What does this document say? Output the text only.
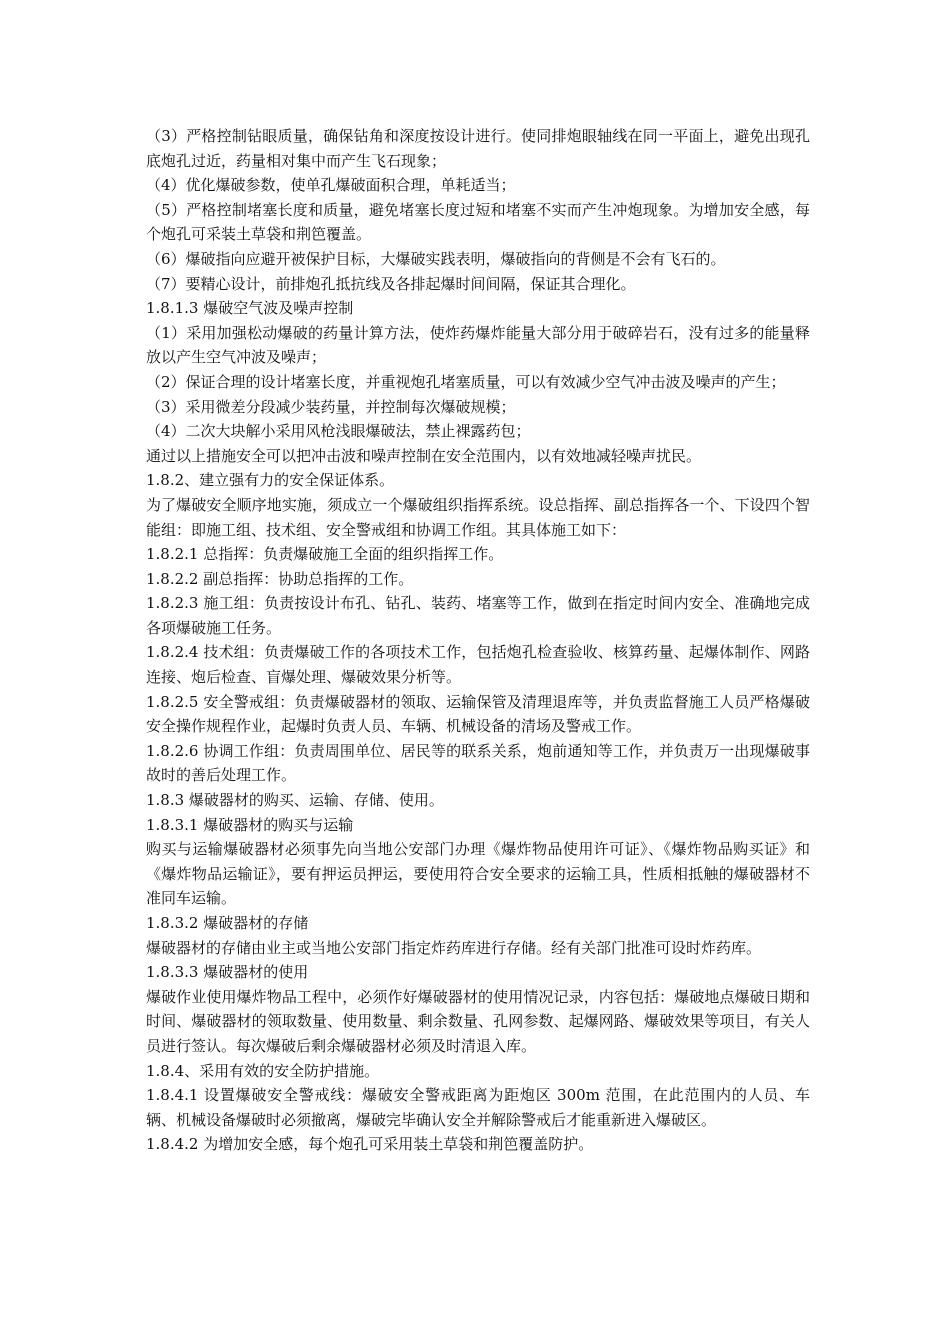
（3）严格控制钻眼质量，确保钻角和深度按设计进行。使同排炮眼轴线在同一平面上，避免出现孔底炮孔过近，药量相对集中而产生飞石现象；

（4）优化爆破参数，使单孔爆破面积合理，单耗适当；

（5）严格控制堵塞长度和质量，避免堵塞长度过短和堵塞不实而产生冲炮现象。为增加安全感，每个炮孔可采装土草袋和荆笆覆盖。

（6）爆破指向应避开被保护目标，大爆破实践表明，爆破指向的背侧是不会有飞石的。

（7）要精心设计，前排炮孔抵抗线及各排起爆时间间隔，保证其合理化。

1.8.1.3 爆破空气波及噪声控制

（1）采用加强松动爆破的药量计算方法，使炸药爆炸能量大部分用于破碎岩石，没有过多的能量释放以产生空气冲波及噪声；

（2）保证合理的设计堵塞长度，并重视炮孔堵塞质量，可以有效减少空气冲击波及噪声的产生；

（3）采用微差分段减少装药量，并控制每次爆破规模；

（4）二次大块解小采用风枪浅眼爆破法，禁止裸露药包；

通过以上措施安全可以把冲击波和噪声控制在安全范围内，以有效地减轻噪声扰民。

1.8.2、建立强有力的安全保证体系。

为了爆破安全顺序地实施，须成立一个爆破组织指挥系统。设总指挥、副总指挥各一个、下设四个智能组：即施工组、技术组、安全警戒组和协调工作组。其具体施工如下：

1.8.2.1 总指挥：负责爆破施工全面的组织指挥工作。

1.8.2.2 副总指挥：协助总指挥的工作。

1.8.2.3 施工组：负责按设计布孔、钻孔、装药、堵塞等工作，做到在指定时间内安全、准确地完成各项爆破施工任务。

1.8.2.4 技术组：负责爆破工作的各项技术工作，包括炮孔检查验收、核算药量、起爆体制作、网路连接、炮后检查、盲爆处理、爆破效果分析等。

1.8.2.5 安全警戒组：负责爆破器材的领取、运输保管及清理退库等，并负责监督施工人员严格爆破安全操作规程作业，起爆时负责人员、车辆、机械设备的清场及警戒工作。

1.8.2.6 协调工作组：负责周围单位、居民等的联系关系，炮前通知等工作，并负责万一出现爆破事故时的善后处理工作。

1.8.3 爆破器材的购买、运输、存储、使用。

1.8.3.1 爆破器材的购买与运输

购买与运输爆破器材必须事先向当地公安部门办理《爆炸物品使用许可证》、《爆炸物品购买证》和《爆炸物品运输证》，要有押运员押运，要使用符合安全要求的运输工具，性质相抵触的爆破器材不准同车运输。

1.8.3.2 爆破器材的存储

爆破器材的存储由业主或当地公安部门指定炸药库进行存储。经有关部门批准可设时炸药库。

1.8.3.3 爆破器材的使用

爆破作业使用爆炸物品工程中，必须作好爆破器材的使用情况记录，内容包括：爆破地点爆破日期和时间、爆破器材的领取数量、使用数量、剩余数量、孔网参数、起爆网路、爆破效果等项目，有关人员进行签认。每次爆破后剩余爆破器材必须及时清退入库。

1.8.4、采用有效的安全防护措施。

1.8.4.1 设置爆破安全警戒线：爆破安全警戒距离为距炮区 300m 范围，在此范围内的人员、车辆、机械设备爆破时必须撤离，爆破完毕确认安全并解除警戒后才能重新进入爆破区。

1.8.4.2 为增加安全感，每个炮孔可采用装土草袋和荆笆覆盖防护。
